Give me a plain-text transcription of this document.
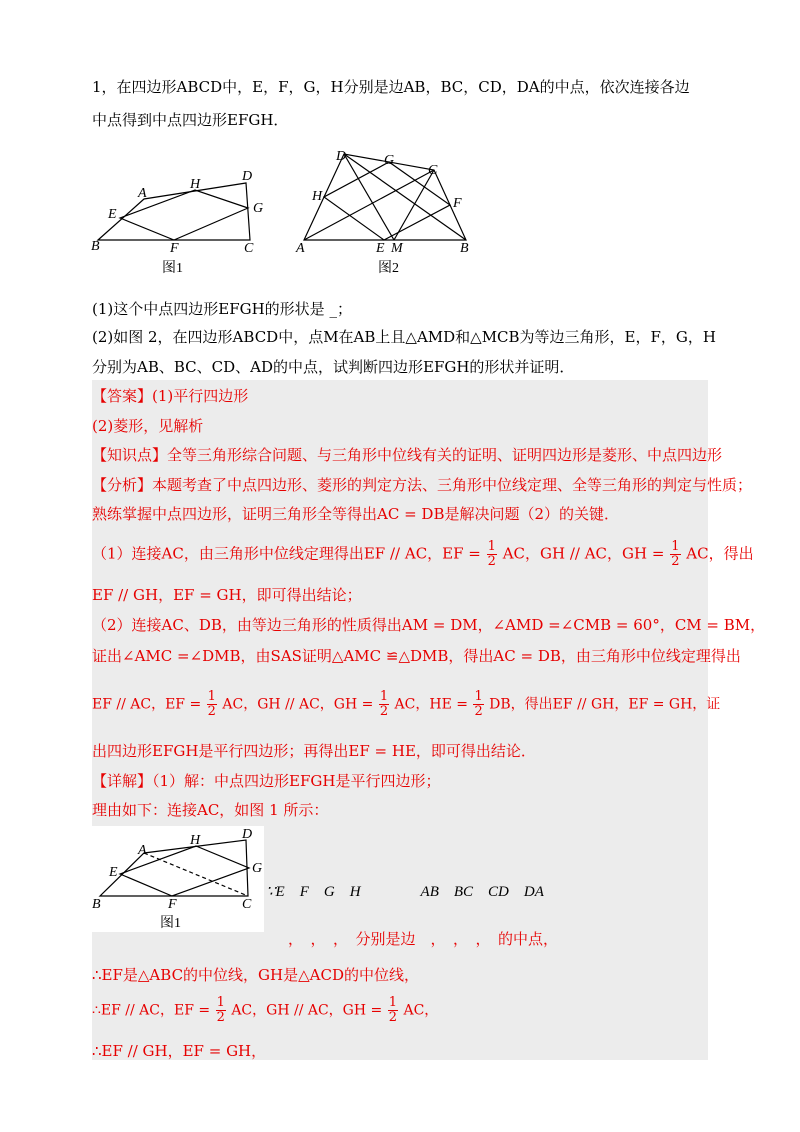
1，在四边形ABCD中，E，F，G，H分别是边AB，BC，CD，DA的中点，依次连接各边
中点得到中点四边形EFGH．
B
A
H
D
E	G
F	C
图1
A
D	G
C
H	F
E M	B
图2
(1)这个中点四边形EFGH的形状是 _；
(2)如图 2，在四边形ABCD中，点M在AB上且△AMD和△MCB为等边三角形，E，F，G，H
分别为AB、BC、CD、AD的中点，试判断四边形EFGH的形状并证明．
【答案】(1)平行四边形
(2)菱形，见解析
【知识点】全等三角形综合问题、与三角形中位线有关的证明、证明四边形是菱形、中点四边形
【分析】本题考查了中点四边形、菱形的判定方法、三角形中位线定理、全等三角形的判定与性质；
熟练掌握中点四边形，证明三角形全等得出AC = DB是解决问题（2）的关键．
（1）连接AC，由三角形中位线定理得出EF // AC，EF = $\frac{1}{2}$ AC，GH // AC，GH = $\frac{1}{2}$ AC，得出
EF // GH，EF = GH，即可得出结论；
（2）连接AC、DB，由等边三角形的性质得出AM = DM，∠AMD =∠CMB = 60°，CM = BM，
证出∠AMC =∠DMB，由SAS证明△AMC ≌△DMB，得出AC = DB，由三角形中位线定理得出
EF // AC，EF = $\frac{1}{2}$ AC，GH // AC，GH = $\frac{1}{2}$ AC，HE = $\frac{1}{2}$ DB，得出EF // GH，EF = GH，证
出四边形EFGH是平行四边形；再得出EF = HE，即可得出结论．
【详解】（1）解：中点四边形EFGH是平行四边形；
理由如下：连接AC，如图 1 所示：
B
A
H	D
E	G
F	C
图1
∵E　F　G　H　　　　AB　BC　CD　DA
，　，　，　分别是边　，　，　，　的中点，
∴EF是△ABC的中位线，GH是△ACD的中位线，
∴EF // AC，EF = $\frac{1}{2}$ AC，GH // AC，GH = $\frac{1}{2}$ AC，
∴EF // GH，EF = GH，
